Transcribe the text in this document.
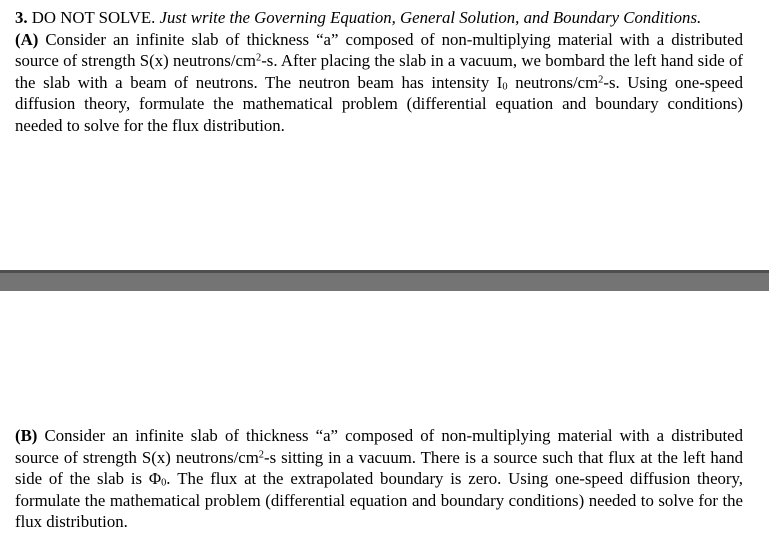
3. DO NOT SOLVE. Just write the Governing Equation, General Solution, and Boundary Conditions.

(A) Consider an infinite slab of thickness “a” composed of non-multiplying material with a distributed source of strength S(x) neutrons/$cm^2-s$. After placing the slab in a vacuum, we bombard the left hand side of the slab with a beam of neutrons. The neutron beam has intensity $I_0$ neutrons/$cm^2-s$. Using one-speed diffusion theory, formulate the mathematical problem (differential equation and boundary conditions) needed to solve for the flux distribution.

(B) Consider an infinite slab of thickness “a” composed of non-multiplying material with a distributed source of strength S(x) neutrons/$cm^2-s$ sitting in a vacuum. There is a source such that flux at the left hand side of the slab is $\Phi_0$. The flux at the extrapolated boundary is zero. Using one-speed diffusion theory, formulate the mathematical problem (differential equation and boundary conditions) needed to solve for the flux distribution.
